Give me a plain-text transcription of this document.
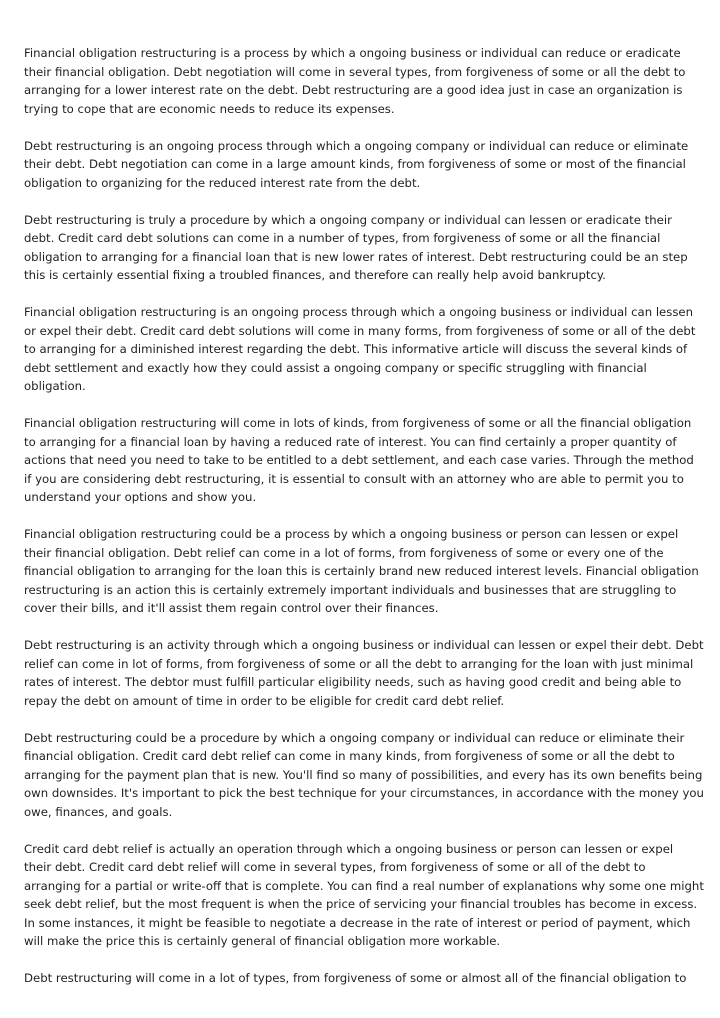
Financial obligation restructuring is a process by which a ongoing business or individual can reduce or eradicate their financial obligation. Debt negotiation will come in several types, from forgiveness of some or all the debt to arranging for a lower interest rate on the debt. Debt restructuring are a good idea just in case an organization is trying to cope that are economic needs to reduce its expenses.

Debt restructuring is an ongoing process through which a ongoing company or individual can reduce or eliminate their debt. Debt negotiation can come in a large amount kinds, from forgiveness of some or most of the financial obligation to organizing for the reduced interest rate from the debt.

Debt restructuring is truly a procedure by which a ongoing company or individual can lessen or eradicate their debt. Credit card debt solutions can come in a number of types, from forgiveness of some or all the financial obligation to arranging for a financial loan that is new lower rates of interest. Debt restructuring could be an step this is certainly essential fixing a troubled finances, and therefore can really help avoid bankruptcy.

Financial obligation restructuring is an ongoing process through which a ongoing business or individual can lessen or expel their debt. Credit card debt solutions will come in many forms, from forgiveness of some or all of the debt to arranging for a diminished interest regarding the debt. This informative article will discuss the several kinds of debt settlement and exactly how they could assist a ongoing company or specific struggling with financial obligation.

Financial obligation restructuring will come in lots of kinds, from forgiveness of some or all the financial obligation to arranging for a financial loan by having a reduced rate of interest. You can find certainly a proper quantity of actions that need you need to take to be entitled to a debt settlement, and each case varies. Through the method if you are considering debt restructuring, it is essential to consult with an attorney who are able to permit you to understand your options and show you.

Financial obligation restructuring could be a process by which a ongoing business or person can lessen or expel their financial obligation. Debt relief can come in a lot of forms, from forgiveness of some or every one of the financial obligation to arranging for the loan this is certainly brand new reduced interest levels. Financial obligation restructuring is an action this is certainly extremely important individuals and businesses that are struggling to cover their bills, and it'll assist them regain control over their finances.

Debt restructuring is an activity through which a ongoing business or individual can lessen or expel their debt. Debt relief can come in lot of forms, from forgiveness of some or all the debt to arranging for the loan with just minimal rates of interest. The debtor must fulfill particular eligibility needs, such as having good credit and being able to repay the debt on amount of time in order to be eligible for credit card debt relief.

Debt restructuring could be a procedure by which a ongoing company or individual can reduce or eliminate their financial obligation. Credit card debt relief can come in many kinds, from forgiveness of some or all the debt to arranging for the payment plan that is new. You'll find so many of possibilities, and every has its own benefits being own downsides. It's important to pick the best technique for your circumstances, in accordance with the money you owe, finances, and goals.

Credit card debt relief is actually an operation through which a ongoing business or person can lessen or expel their debt. Credit card debt relief will come in several types, from forgiveness of some or all of the debt to arranging for a partial or write-off that is complete. You can find a real number of explanations why some one might seek debt relief, but the most frequent is when the price of servicing your financial troubles has become in excess. In some instances, it might be feasible to negotiate a decrease in the rate of interest or period of payment, which will make the price this is certainly general of financial obligation more workable.

Debt restructuring will come in a lot of types, from forgiveness of some or almost all of the financial obligation to
